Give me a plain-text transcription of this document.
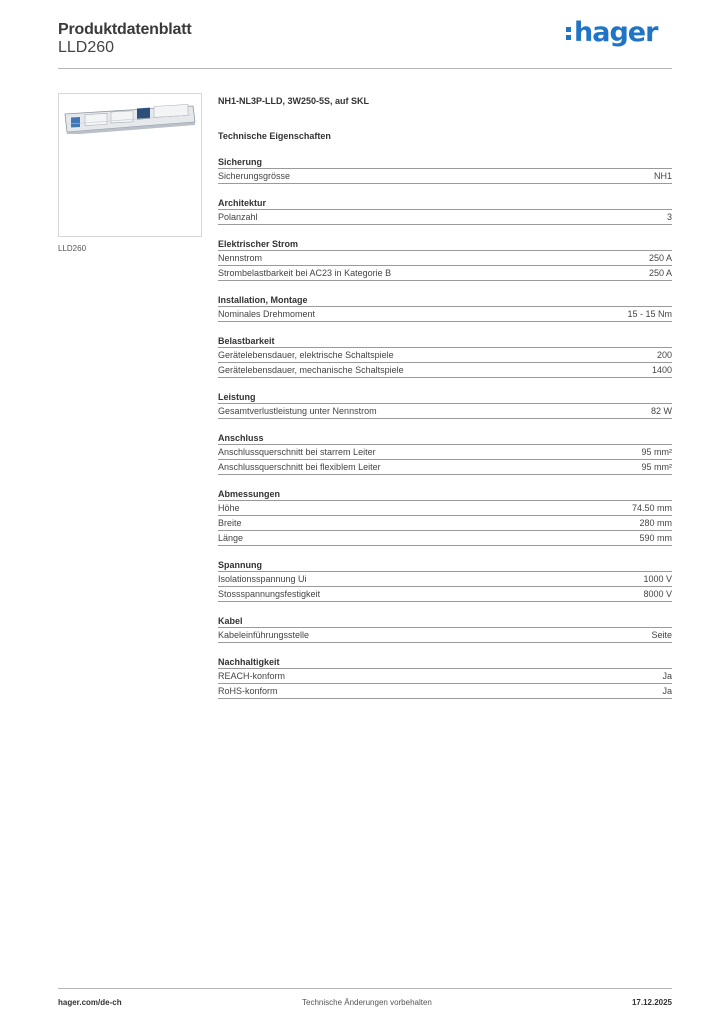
Produktdatenblatt
LLD260	hager
LLD260
NH1-NL3P-LLD, 3W250-5S, auf SKL
Technische Eigenschaften
Sicherung
Sicherungsgrösse	NH1
Architektur
Polanzahl	3
Elektrischer Strom
Nennstrom	250 A
Strombelastbarkeit bei AC23 in Kategorie B	250 A
Installation, Montage
Nominales Drehmoment	15 - 15 Nm
Belastbarkeit
Gerätelebensdauer, elektrische Schaltspiele	200
Gerätelebensdauer, mechanische Schaltspiele	1400
Leistung
Gesamtverlustleistung unter Nennstrom	82 W
Anschluss
Anschlussquerschnitt bei starrem Leiter	95 mm²
Anschlussquerschnitt bei flexiblem Leiter	95 mm²
Abmessungen
Höhe	74.50 mm
Breite	280 mm
Länge	590 mm
Spannung
Isolationsspannung Ui	1000 V
Stossspannungsfestigkeit	8000 V
Kabel
Kabeleinführungsstelle	Seite
Nachhaltigkeit
REACH-konform	Ja
RoHS-konform	Ja
hager.com/de-ch	Technische Änderungen vorbehalten	17.12.2025
